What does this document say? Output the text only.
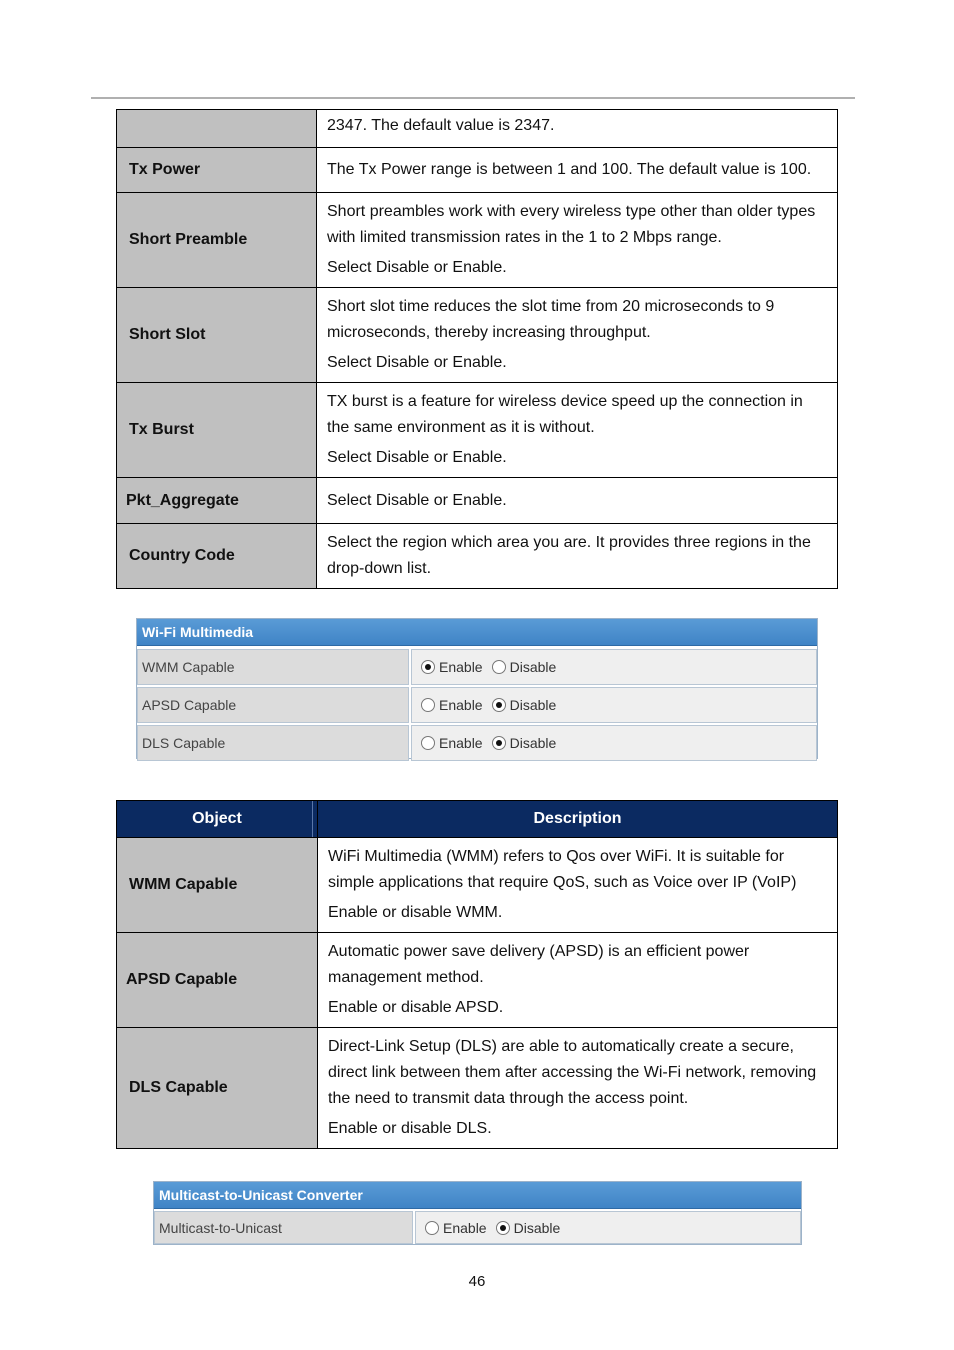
	2347. The default value is 2347.

Tx Power	The Tx Power range is between 1 and 100. The default value is 100.

Short Preamble	Short preambles work with every wireless type other than older types with limited transmission rates in the 1 to 2 Mbps range.

Select Disable or Enable.

Short Slot	Short slot time reduces the slot time from 20 microseconds to 9 microseconds, thereby increasing throughput.

Select Disable or Enable.

Tx Burst	TX burst is a feature for wireless device speed up the connection in the same environment as it is without.

Select Disable or Enable.

Pkt_Aggregate	Select Disable or Enable.

Country Code	Select the region which area you are. It provides three regions in the drop-down list.

Wi-Fi Multimedia
WMM Capable	Enable Disable
APSD Capable	Enable Disable
DLS Capable	Enable Disable
Object	Description
WMM Capable	WiFi Multimedia (WMM) refers to Qos over WiFi. It is suitable for simple applications that require QoS, such as Voice over IP (VoIP)

Enable or disable WMM.

APSD Capable	Automatic power save delivery (APSD) is an efficient power management method.

Enable or disable APSD.

DLS Capable	Direct-Link Setup (DLS) are able to automatically create a secure, direct link between them after accessing the Wi-Fi network, removing the need to transmit data through the access point.

Enable or disable DLS.

Multicast-to-Unicast Converter
Multicast-to-Unicast	Enable Disable
46
